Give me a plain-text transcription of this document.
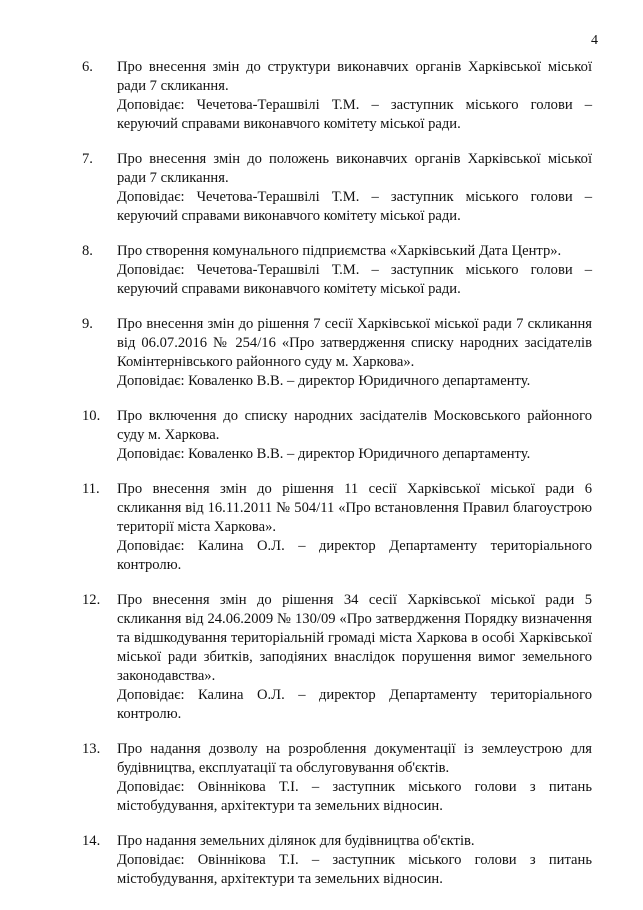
4
6.	Про внесення змін до структури виконавчих органів Харківської міської ради 7 скликання.

Доповідає: Чечетова-Терашвілі Т.М. – заступник міського голови – керуючий справами виконавчого комітету міської ради.

7.	Про внесення змін до положень виконавчих органів Харківської міської ради 7 скликання.

Доповідає: Чечетова-Терашвілі Т.М. – заступник міського голови – керуючий справами виконавчого комітету міської ради.

8.	Про створення комунального підприємства «Харківський Дата Центр».

Доповідає: Чечетова-Терашвілі Т.М. – заступник міського голови – керуючий справами виконавчого комітету міської ради.

9.	Про внесення змін до рішення 7 сесії Харківської міської ради 7 скликання від 06.07.2016 № 254/16 «Про затвердження списку народних засідателів Комінтернівського районного суду м. Харкова».

Доповідає: Коваленко В.В. – директор Юридичного департаменту.

10.	Про включення до списку народних засідателів Московського районного суду м. Харкова.

Доповідає: Коваленко В.В. – директор Юридичного департаменту.

11.	Про внесення змін до рішення 11 сесії Харківської міської ради 6 скликання від 16.11.2011 № 504/11 «Про встановлення Правил благоустрою території міста Харкова».

Доповідає: Калина О.Л. – директор Департаменту територіального контролю.

12.	Про внесення змін до рішення 34 сесії Харківської міської ради 5 скликання від 24.06.2009 № 130/09 «Про затвердження Порядку визначення та відшкодування територіальній громаді міста Харкова в особі Харківської міської ради збитків, заподіяних внаслідок порушення вимог земельного законодавства».

Доповідає: Калина О.Л. – директор Департаменту територіального контролю.

13.	Про надання дозволу на розроблення документації із землеустрою для будівництва, експлуатації та обслуговування об'єктів.

Доповідає: Овіннікова Т.І. – заступник міського голови з питань містобудування, архітектури та земельних відносин.

14.	Про надання земельних ділянок для будівництва об'єктів.

Доповідає: Овіннікова Т.І. – заступник міського голови з питань містобудування, архітектури та земельних відносин.
